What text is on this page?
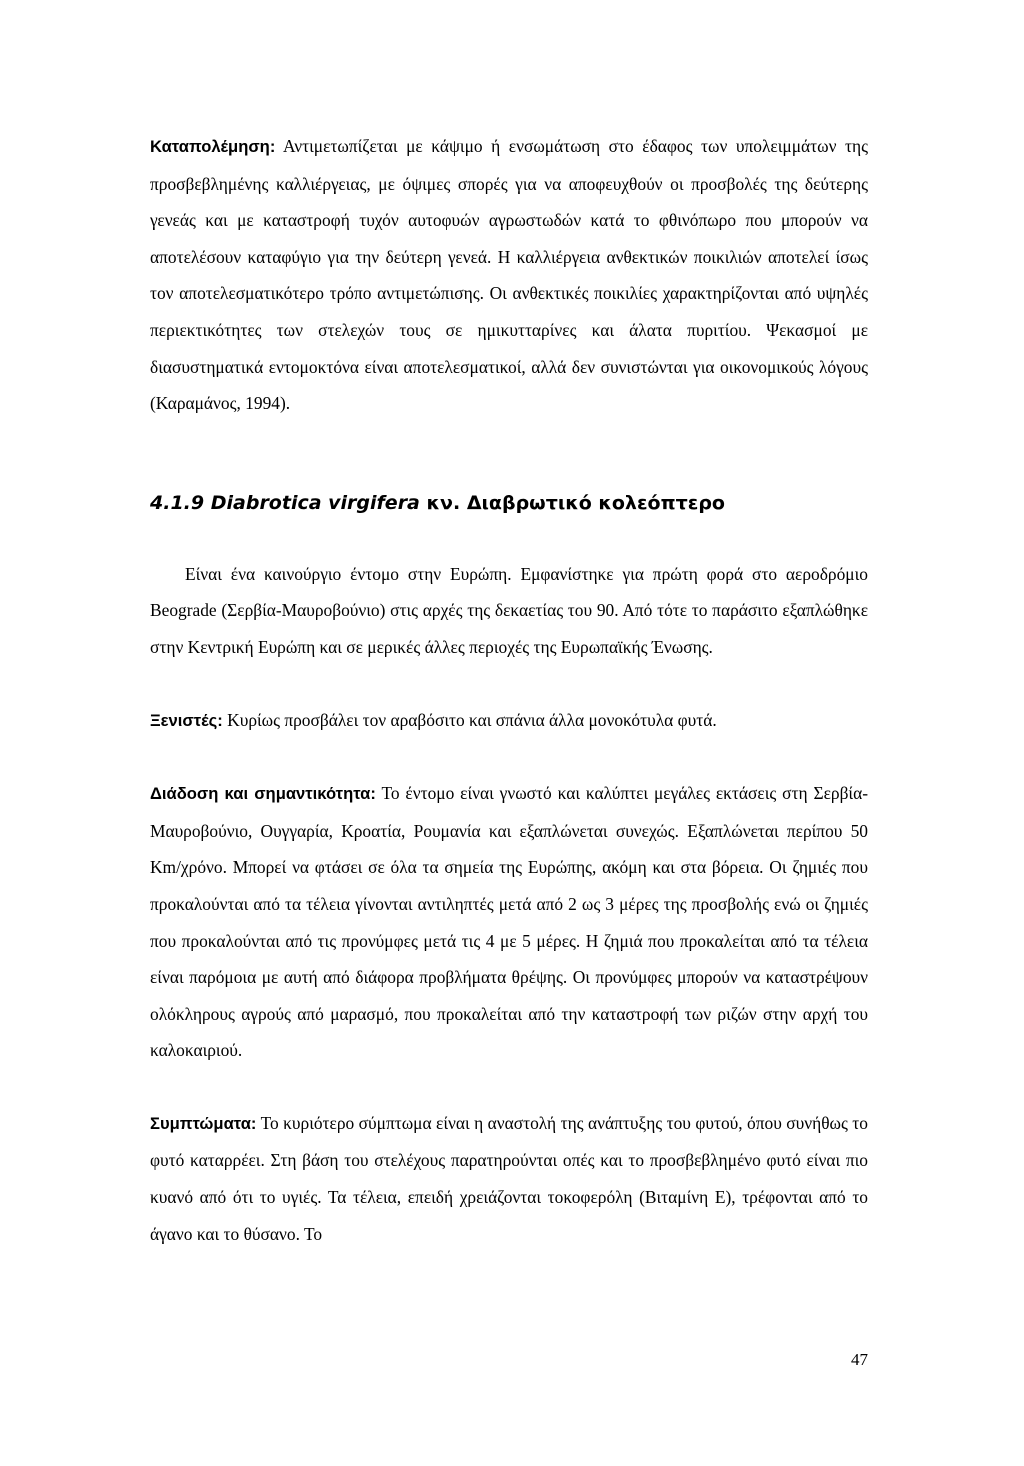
Καταπολέμηση: Αντιμετωπίζεται με κάψιμο ή ενσωμάτωση στο έδαφος των υπολειμμάτων της προσβεβλημένης καλλιέργειας, με όψιμες σπορές για να αποφευχθούν οι προσβολές της δεύτερης γενεάς και με καταστροφή τυχόν αυτοφυών αγρωστωδών κατά το φθινόπωρο που μπορούν να αποτελέσουν καταφύγιο για την δεύτερη γενεά. Η καλλιέργεια ανθεκτικών ποικιλιών αποτελεί ίσως τον αποτελεσματικότερο τρόπο αντιμετώπισης. Οι ανθεκτικές ποικιλίες χαρακτηρίζονται από υψηλές περιεκτικότητες των στελεχών τους σε ημικυτταρίνες και άλατα πυριτίου. Ψεκασμοί με διασυστηματικά εντομοκτόνα είναι αποτελεσματικοί, αλλά δεν συνιστώνται για οικονομικούς λόγους (Καραμάνος, 1994).

4.1.9 Diabrotica virgifera κν. Διαβρωτικό κολεόπτερο

Είναι ένα καινούργιο έντομο στην Ευρώπη. Εμφανίστηκε για πρώτη φορά στο αεροδρόμιο Beograde (Σερβία-Μαυροβούνιο) στις αρχές της δεκαετίας του 90. Από τότε το παράσιτο εξαπλώθηκε στην Κεντρική Ευρώπη και σε μερικές άλλες περιοχές της Ευρωπαϊκής Ένωσης.

Ξενιστές: Κυρίως προσβάλει τον αραβόσιτο και σπάνια άλλα μονοκότυλα φυτά.

Διάδοση και σημαντικότητα: Το έντομο είναι γνωστό και καλύπτει μεγάλες εκτάσεις στη Σερβία-Μαυροβούνιο, Ουγγαρία, Κροατία, Ρουμανία και εξαπλώνεται συνεχώς. Εξαπλώνεται περίπου 50 Km/χρόνο. Μπορεί να φτάσει σε όλα τα σημεία της Ευρώπης, ακόμη και στα βόρεια. Οι ζημιές που προκαλούνται από τα τέλεια γίνονται αντιληπτές μετά από 2 ως 3 μέρες της προσβολής ενώ οι ζημιές που προκαλούνται από τις προνύμφες μετά τις 4 με 5 μέρες. Η ζημιά που προκαλείται από τα τέλεια είναι παρόμοια με αυτή από διάφορα προβλήματα θρέψης. Οι προνύμφες μπορούν να καταστρέψουν ολόκληρους αγρούς από μαρασμό, που προκαλείται από την καταστροφή των ριζών στην αρχή του καλοκαιριού.

Συμπτώματα: Το κυριότερο σύμπτωμα είναι η αναστολή της ανάπτυξης του φυτού, όπου συνήθως το φυτό καταρρέει. Στη βάση του στελέχους παρατηρούνται οπές και το προσβεβλημένο φυτό είναι πιο κυανό από ότι το υγιές. Τα τέλεια, επειδή χρειάζονται τοκοφερόλη (Βιταμίνη Ε), τρέφονται από το άγανο και το θύσανο. Το

47
